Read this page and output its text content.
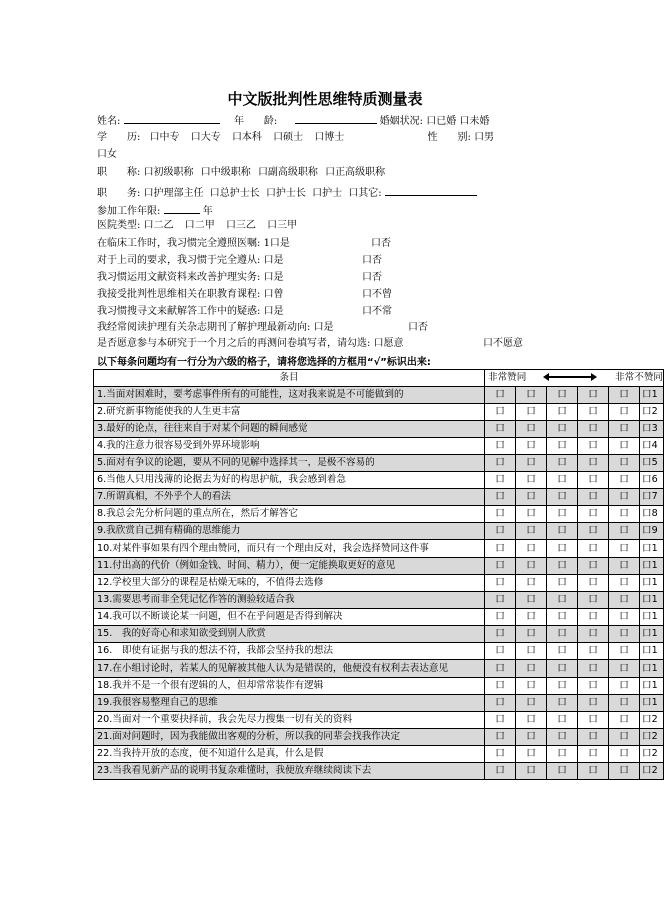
中文版批判性思维特质测量表
姓名:	年　　龄:	婚姻状况: 口已婚 口未婚
学　　历: 口中专 口大专 口本科 口硕士 口博士	性　　别: 口男
口女
职　　称: 口初级职称 口中级职称 口副高级职称 口正高级职称
职　　务: 口护理部主任 口总护士长 口护士长 口护士 口其它:
参加工作年限:	年
医院类型: 口二乙 口二甲 口三乙 口三甲
在临床工作时，我习惯完全遵照医嘱: 1口是	口否
对于上司的要求，我习惯于完全遵从: 口是	口否
我习惯运用文献资料来改善护理实务: 口是	口否
我接受批判性思维相关在职教育课程: 口曾	口不曾
我习惯搜寻文来献解答工作中的疑惑: 口是	口不常
我经常阅读护理有关杂志期刊了解护理最新动向: 口是	口否
是否愿意参与本研究于一个月之后的再测问卷填写者，请勾选: 口愿意	口不愿意
以下每条问题均有一行分为六级的格子，请将您选择的方框用“√”标识出来:
条目	非常赞同			非常不赞同		
1.当面对困难时，要考虑事件所有的可能性，这对我来说是不可能做到的	口	口	口	口	口	口1
2.研究新事物能使我的人生更丰富	口	口	口	口	口	口2
3.最好的论点，往往来自于对某个问题的瞬间感觉	口	口	口	口	口	口3
4.我的注意力很容易受到外界环境影响	口	口	口	口	口	口4
5.面对有争议的论题，要从不同的见解中选择其一，是极不容易的	口	口	口	口	口	口5
6.当他人只用浅薄的论据去为好的构思护航，我会感到着急	口	口	口	口	口	口6
7.所谓真相，不外乎个人的看法	口	口	口	口	口	口7
8.我总会先分析问题的重点所在，然后才解答它	口	口	口	口	口	口8
9.我欣赏自己拥有精确的思维能力	口	口	口	口	口	口9
10.对某件事如果有四个理由赞同，而只有一个理由反对，我会选择赞同这件事	口	口	口	口	口	口1
11.付出高的代价（例如金钱、时间、精力），便一定能换取更好的意见	口	口	口	口	口	口1
12.学校里大部分的课程是枯燥无味的，不值得去选修	口	口	口	口	口	口1
13.需要思考而非全凭记忆作答的测验较适合我	口	口	口	口	口	口1
14.我可以不断谈论某一问题，但不在乎问题是否得到解决	口	口	口	口	口	口1
15.　我的好奇心和求知欲受到别人欣赏	口	口	口	口	口	口1
16.　即使有证据与我的想法不符，我都会坚持我的想法	口	口	口	口	口	口1
17.在小组讨论时，若某人的见解被其他人认为是错误的，他便没有权利去表达意见	口	口	口	口	口	口1
18.我并不是一个很有逻辑的人，但却常常装作有逻辑	口	口	口	口	口	口1
19.我很容易整理自己的思维	口	口	口	口	口	口1
20.当面对一个重要抉择前，我会先尽力搜集一切有关的资料	口	口	口	口	口	口2
21.面对问题时，因为我能做出客观的分析，所以我的同辈会找我作决定	口	口	口	口	口	口2
22.当我持开放的态度，便不知道什么是真，什么是假	口	口	口	口	口	口2
23.当我看见新产品的说明书复杂难懂时，我便放弃继续阅读下去	口	口	口	口	口	口2
